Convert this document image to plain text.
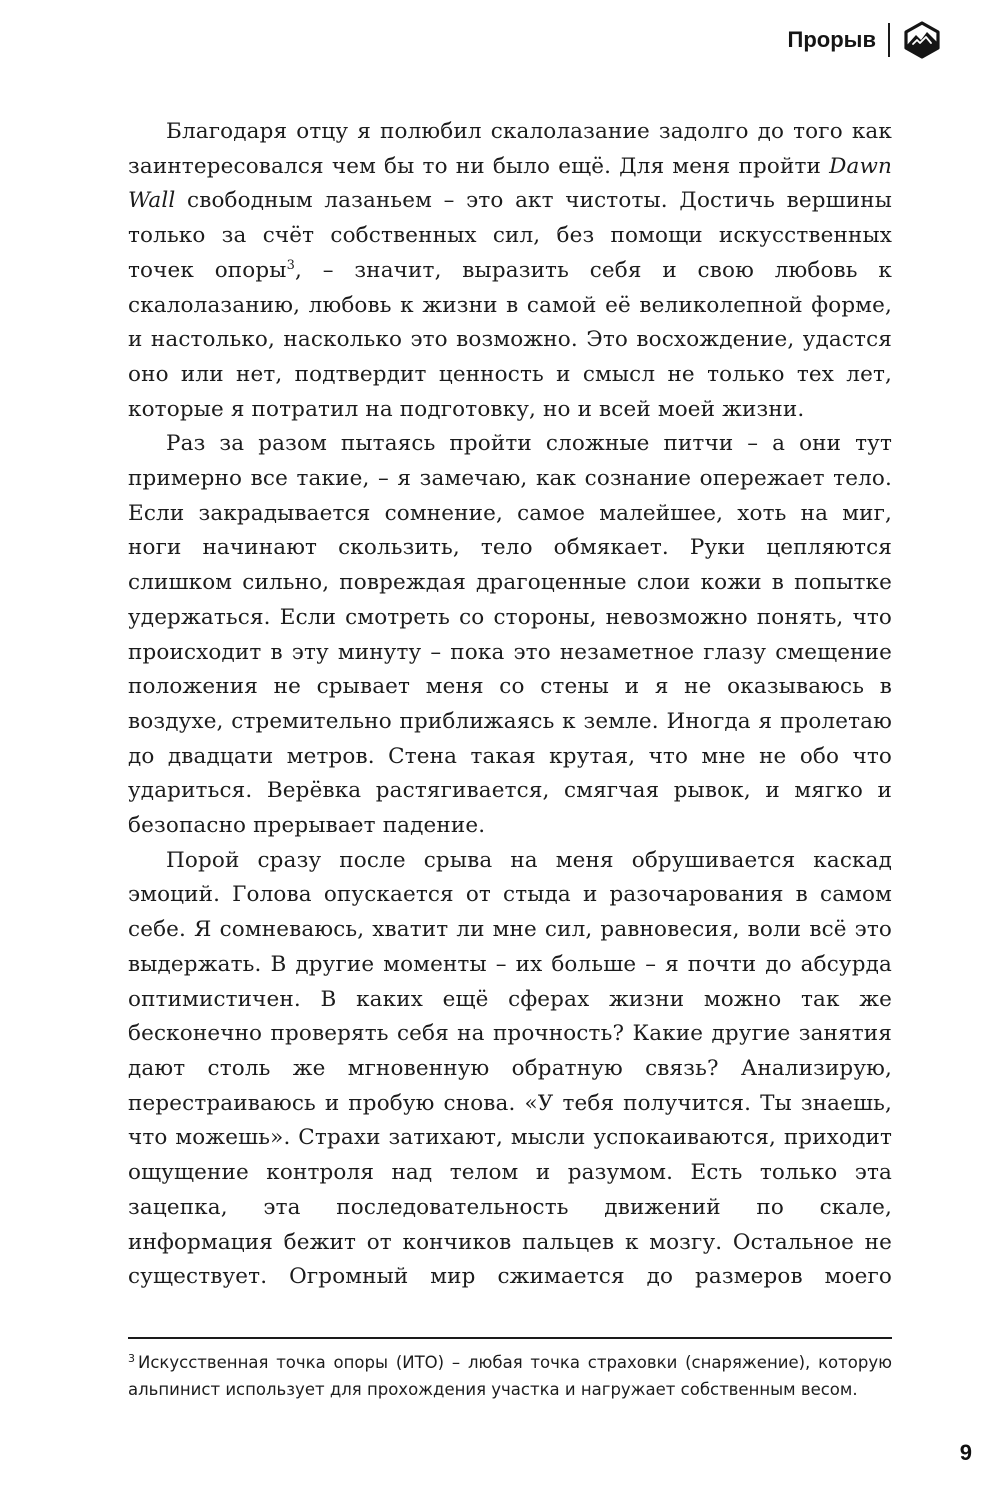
Прорыв

Благодаря отцу я полюбил скалолазание задолго до того как заинтересовался чем бы то ни было ещё. Для меня пройти Dawn Wall свободным лазаньем – это акт чистоты. Достичь вершины только за счёт собственных сил, без помощи искусственных точек опоры$^3$, – значит, выразить себя и свою любовь к скалолазанию, любовь к жизни в самой её великолепной форме, и настолько, насколько это возможно. Это восхождение, удастся оно или нет, подтвердит ценность и смысл не только тех лет, которые я потратил на подготовку, но и всей моей жизни.

Раз за разом пытаясь пройти сложные питчи – а они тут примерно все такие, – я замечаю, как сознание опережает тело. Если закрадывается сомнение, самое малейшее, хоть на миг, ноги начинают скользить, тело обмякает. Руки цепляются слишком сильно, повреждая драгоценные слои кожи в попытке удержаться. Если смотреть со стороны, невозможно понять, что происходит в эту минуту – пока это незаметное глазу смещение положения не срывает меня со стены и я не оказываюсь в воздухе, стремительно приближаясь к земле. Иногда я пролетаю до двадцати метров. Стена такая крутая, что мне не обо что удариться. Верёвка растягивается, смягчая рывок, и мягко и безопасно прерывает падение.

Порой сразу после срыва на меня обрушивается каскад эмоций. Голова опускается от стыда и разочарования в самом себе. Я сомневаюсь, хватит ли мне сил, равновесия, воли всё это выдержать. В другие моменты – их больше – я почти до абсурда оптимистичен. В каких ещё сферах жизни можно так же бесконечно проверять себя на прочность? Какие другие занятия дают столь же мгновенную обратную связь? Анализирую, перестраиваюсь и пробую снова. «У тебя получится. Ты знаешь, что можешь». Страхи затихают, мысли успокаиваются, приходит ощущение контроля над телом и разумом. Есть только эта зацепка, эта последовательность движений по скале, информация бежит от кончиков пальцев к мозгу. Остальное не существует. Огромный мир сжимается до размеров моего

$^3$ Искусственная точка опоры (ИТО) – любая точка страховки (снаряжение), которую альпинист использует для прохождения участка и нагружает собственным весом.
9
